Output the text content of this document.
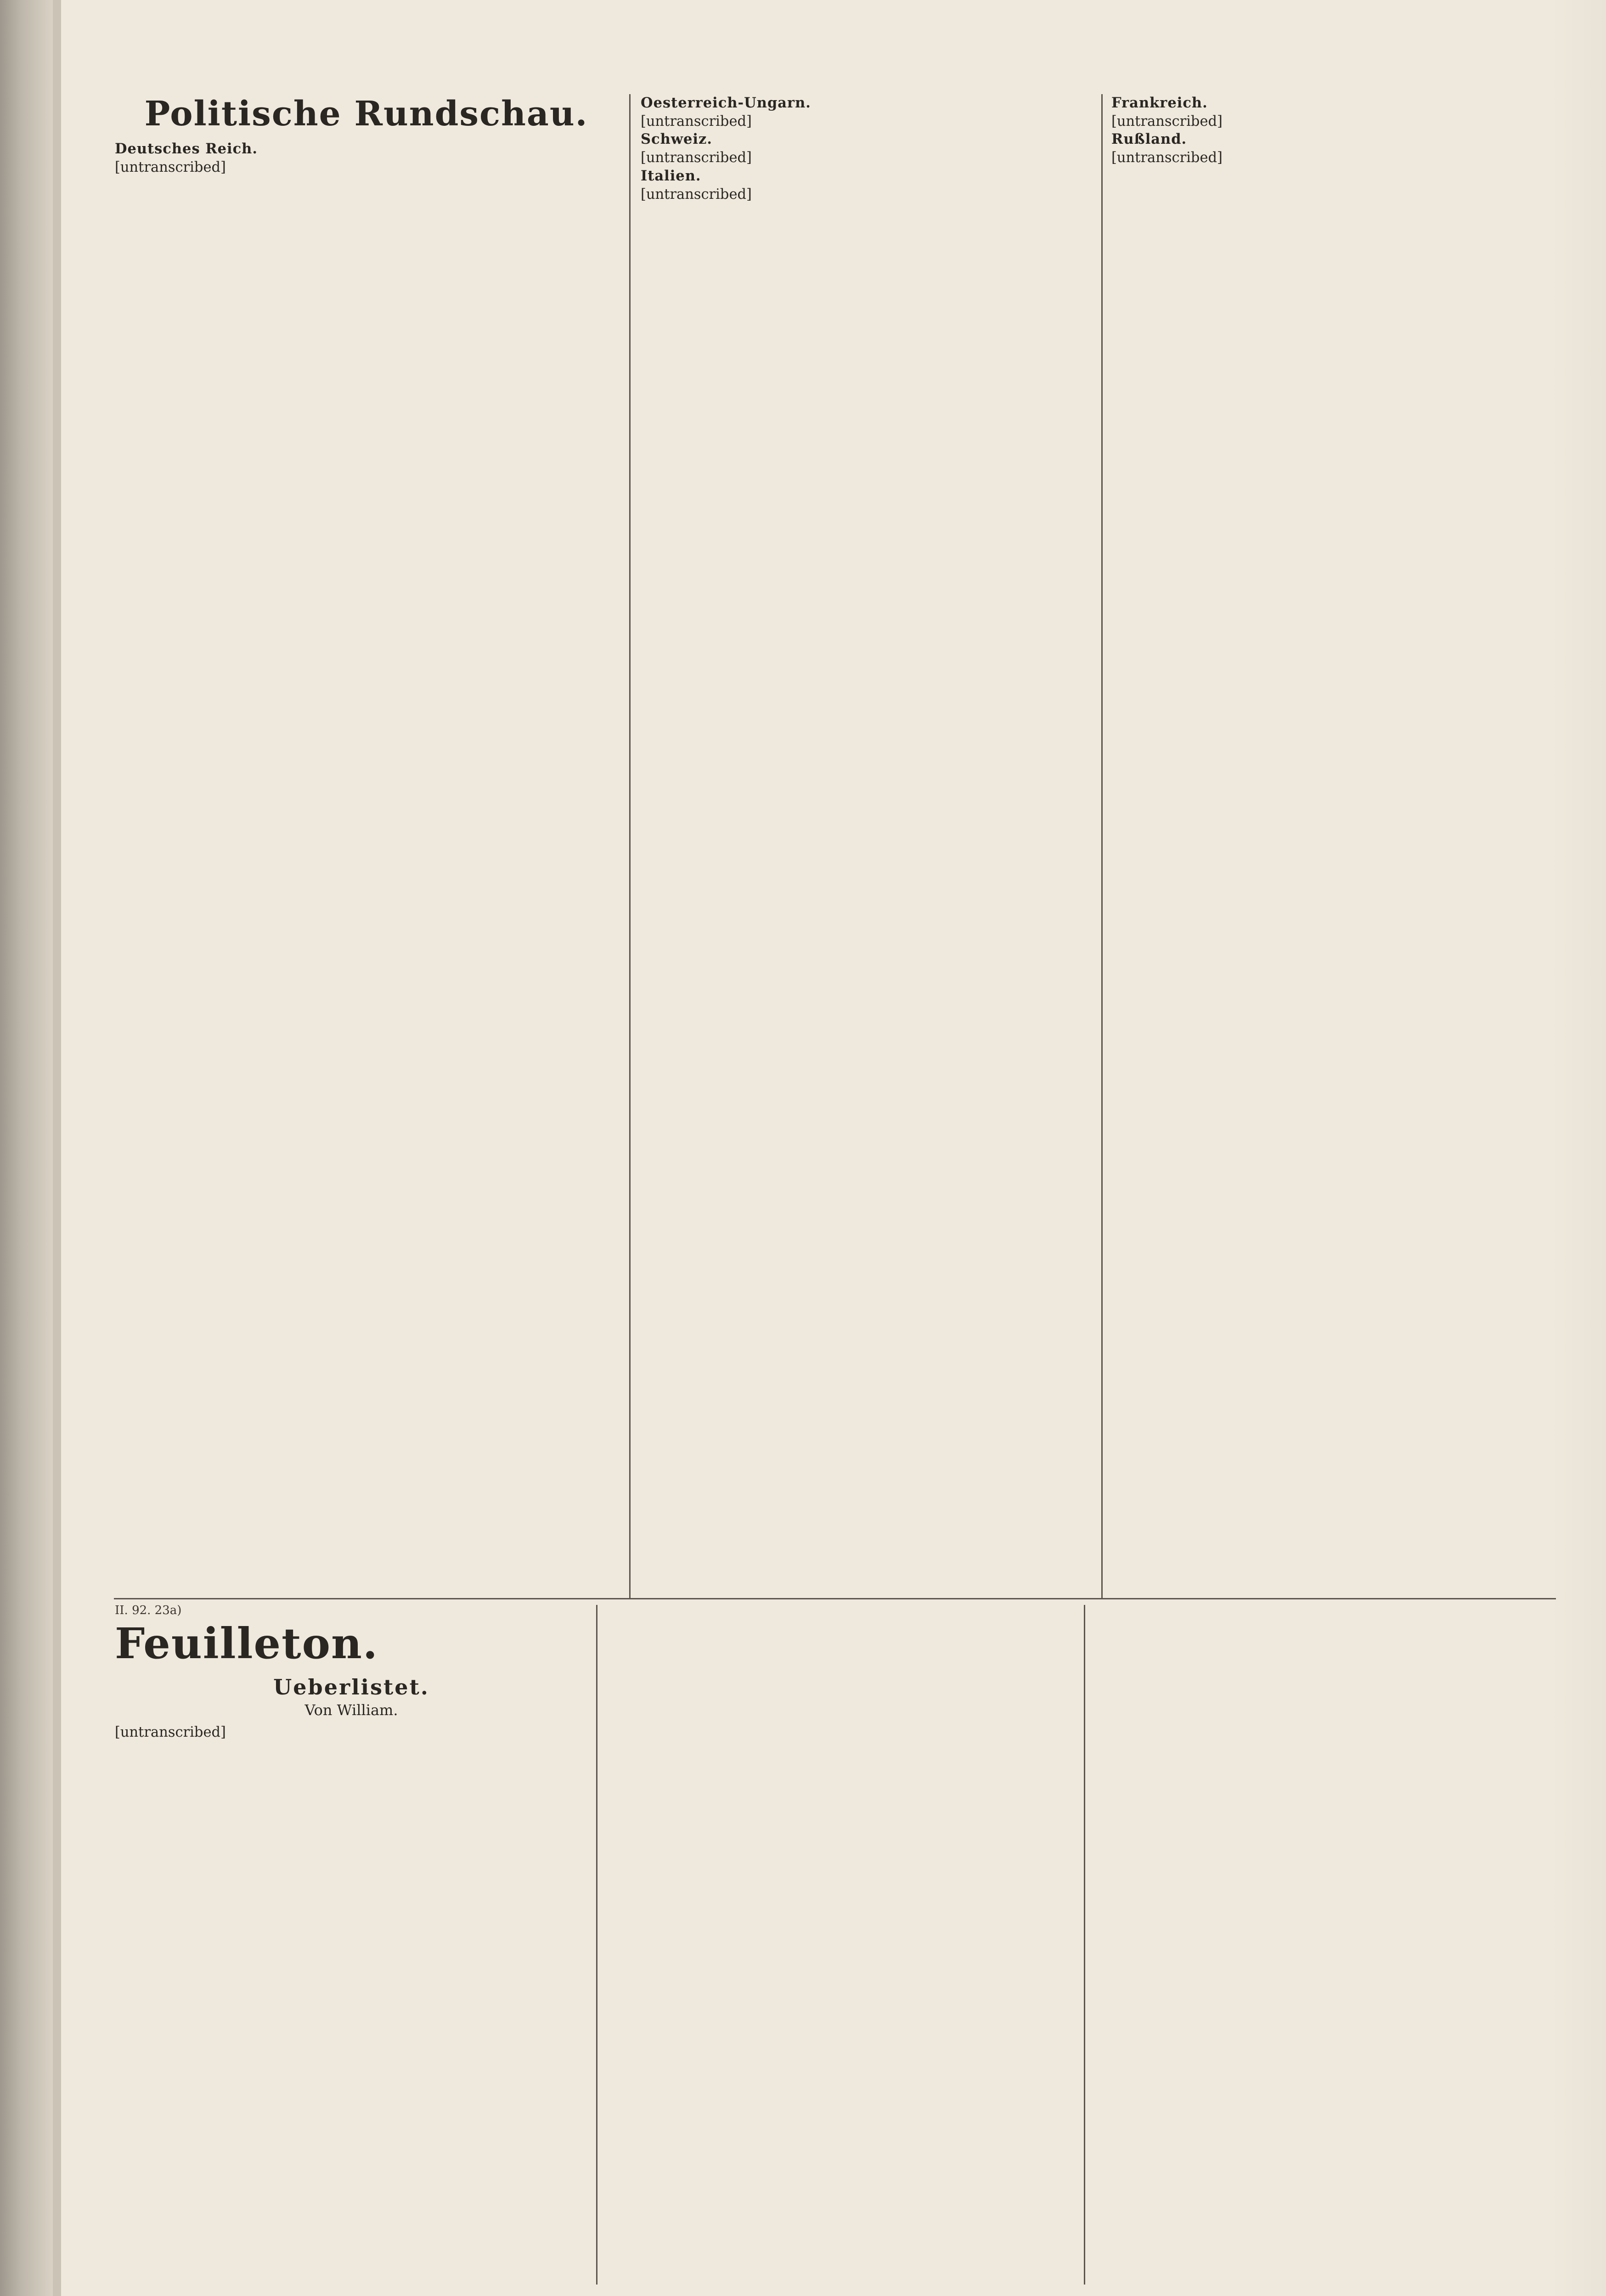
II. 92. 23a)
Politische Rundschau.
Deutsches Reich.

[untranscribed]

Oesterreich-Ungarn.

[untranscribed]

Schweiz.

[untranscribed]

Italien.

[untranscribed]

Frankreich.

[untranscribed]

Rußland.

[untranscribed]

Feuilleton.
Ueberlistet.
Von William.

[untranscribed]
